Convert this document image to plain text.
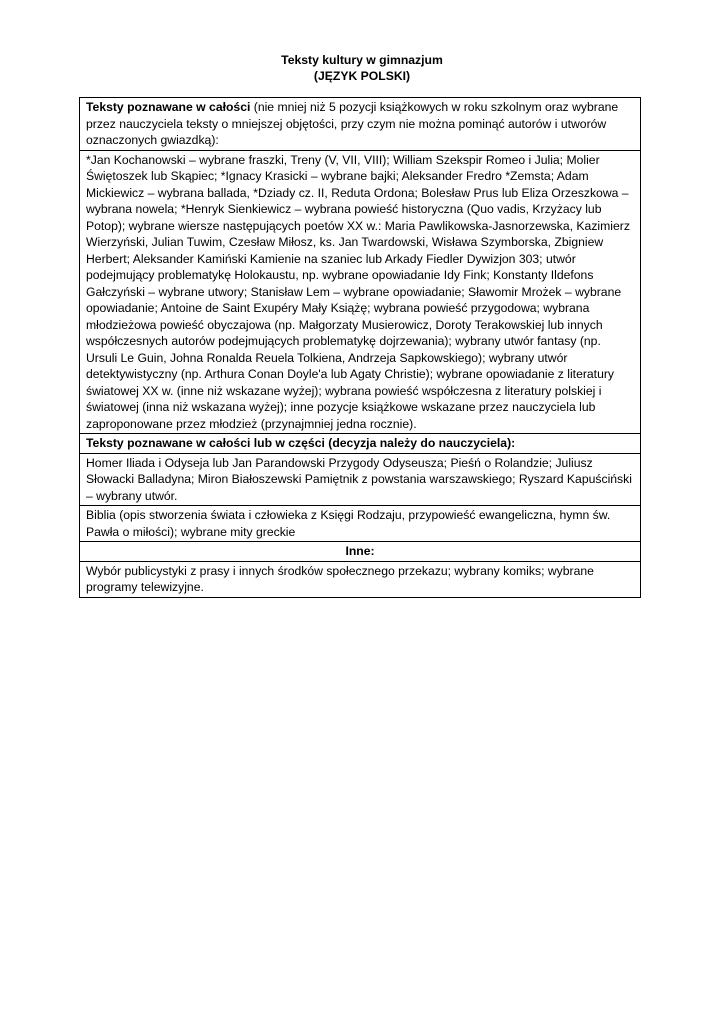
Teksty kultury w gimnazjum
(JĘZYK POLSKI)
Teksty poznawane w całości (nie mniej niż 5 pozycji książkowych w roku szkolnym oraz wybrane przez nauczyciela teksty o mniejszej objętości, przy czym nie można pominąć autorów i utworów oznaczonych gwiazdką):
*Jan Kochanowski – wybrane fraszki, Treny (V, VII, VIII); William Szekspir Romeo i Julia; Molier Świętoszek lub Skąpiec; *Ignacy Krasicki – wybrane bajki; Aleksander Fredro *Zemsta; Adam Mickiewicz – wybrana ballada, *Dziady cz. II, Reduta Ordona; Bolesław Prus lub Eliza Orzeszkowa – wybrana nowela; *Henryk Sienkiewicz – wybrana powieść historyczna (Quo vadis, Krzyżacy lub Potop); wybrane wiersze następujących poetów XX w.: Maria Pawlikowska-Jasnorzewska, Kazimierz Wierzyński, Julian Tuwim, Czesław Miłosz, ks. Jan Twardowski, Wisława Szymborska, Zbigniew Herbert; Aleksander Kamiński Kamienie na szaniec lub Arkady Fiedler Dywizjon 303; utwór podejmujący problematykę Holokaustu, np. wybrane opowiadanie Idy Fink; Konstanty Ildefons Gałczyński – wybrane utwory; Stanisław Lem – wybrane opowiadanie; Sławomir Mrożek – wybrane opowiadanie; Antoine de Saint Exupéry Mały Książę; wybrana powieść przygodowa; wybrana młodzieżowa powieść obyczajowa (np. Małgorzaty Musierowicz, Doroty Terakowskiej lub innych współczesnych autorów podejmujących problematykę dojrzewania); wybrany utwór fantasy (np. Ursuli Le Guin, Johna Ronalda Reuela Tolkiena, Andrzeja Sapkowskiego); wybrany utwór detektywistyczny (np. Arthura Conan Doyle'a lub Agaty Christie); wybrane opowiadanie z literatury światowej XX w. (inne niż wskazane wyżej); wybrana powieść współczesna z literatury polskiej i światowej (inna niż wskazana wyżej); inne pozycje książkowe wskazane przez nauczyciela lub zaproponowane przez młodzież (przynajmniej jedna rocznie).
Teksty poznawane w całości lub w części (decyzja należy do nauczyciela):
Homer Iliada i Odyseja lub Jan Parandowski Przygody Odyseusza; Pieśń o Rolandzie; Juliusz Słowacki Balladyna; Miron Białoszewski Pamiętnik z powstania warszawskiego; Ryszard Kapuściński – wybrany utwór.
Biblia (opis stworzenia świata i człowieka z Księgi Rodzaju, przypowieść ewangeliczna, hymn św. Pawła o miłości); wybrane mity greckie
Inne:
Wybór publicystyki z prasy i innych środków społecznego przekazu; wybrany komiks; wybrane programy telewizyjne.
